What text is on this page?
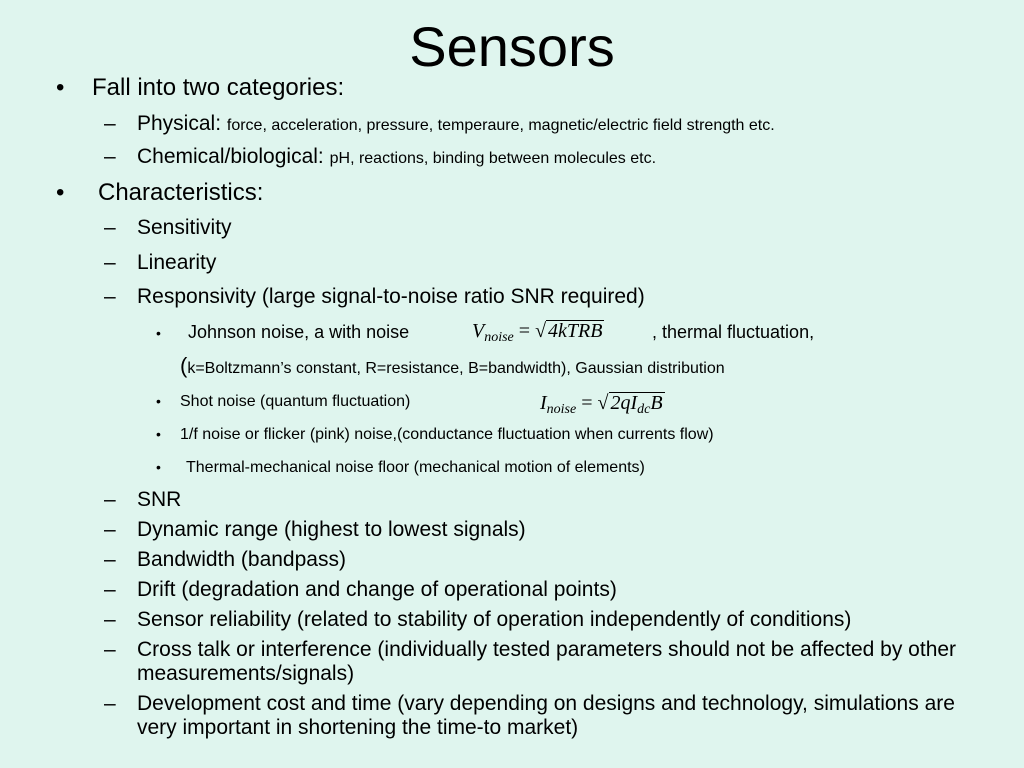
Sensors
• Fall into two categories:
– Physical: force, acceleration, pressure, temperaure, magnetic/electric field strength etc.
– Chemical/biological: pH, reactions, binding between molecules etc.
• Characteristics:
– Sensitivity
– Linearity
– Responsivity (large signal-to-noise ratio SNR required)
• Johnson noise, a with noise	, thermal fluctuation,
$V_{noise}$ = √ 4kTRB
(k=Boltzmann’s constant, R=resistance, B=bandwidth), Gaussian distribution
• Shot noise (quantum fluctuation)	$I_{noise}$ = √ $2qI_{dc}B$
• 1/f noise or flicker (pink) noise,(conductance fluctuation when currents flow)
• Thermal-mechanical noise floor (mechanical motion of elements)
– SNR
– Dynamic range (highest to lowest signals)
– Bandwidth (bandpass)
– Drift (degradation and change of operational points)
– Sensor reliability (related to stability of operation independently of conditions)
– Cross talk or interference (individually tested parameters should not be affected by other measurements/signals)
– Development cost and time (vary depending on designs and technology, simulations are very important in shortening the time-to market)
